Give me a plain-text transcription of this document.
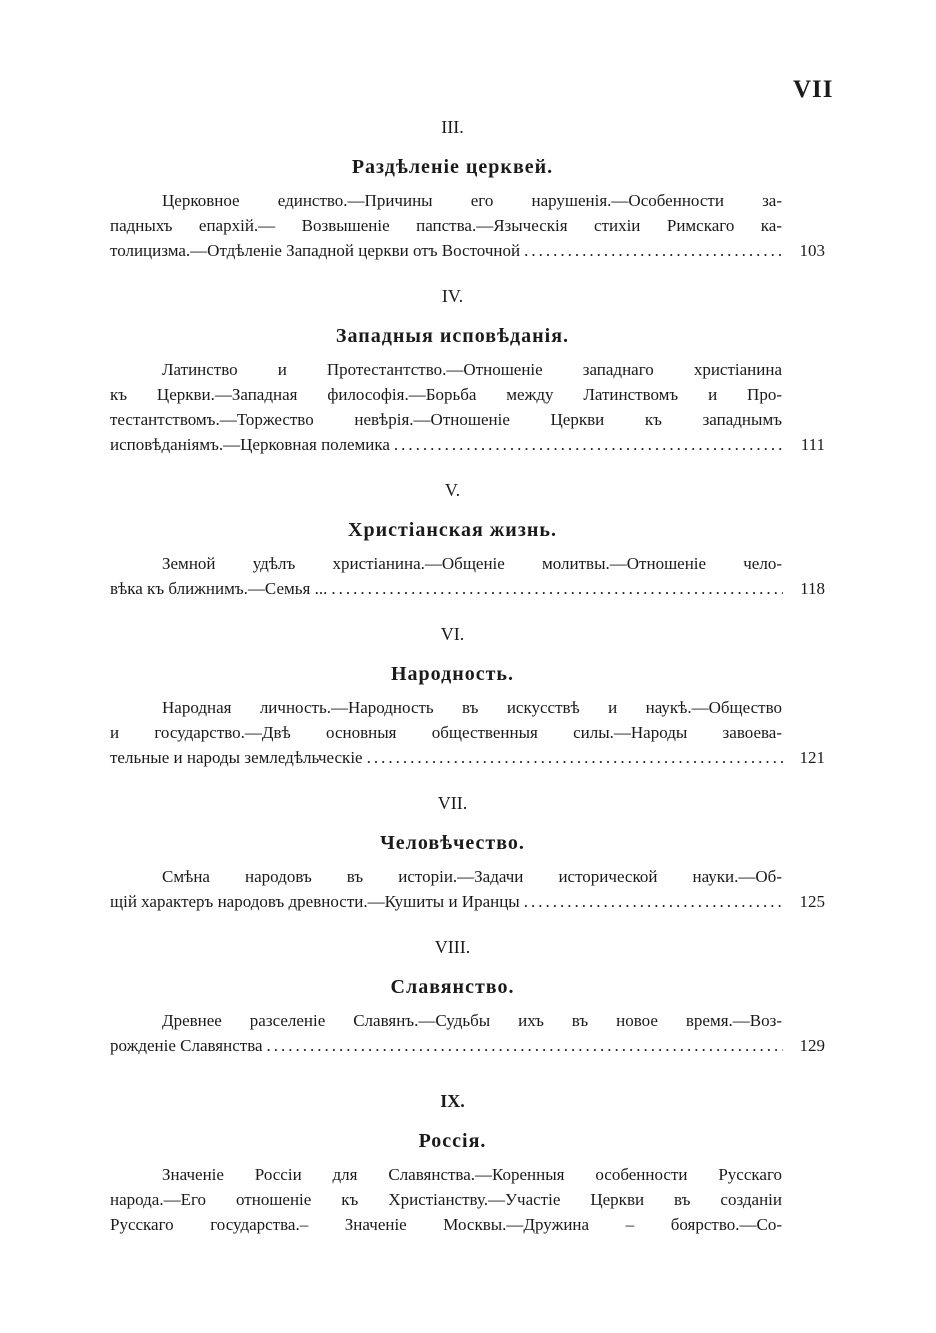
VII
III.
Раздѣленіе церквей.
Церковное единство.—Причины его нарушенія.—Особенности за-
падныхъ епархій.— Возвышеніе папства.—Языческія стихіи Римскаго ка-
толицизма.—Отдѣленіе Западной церкви отъ Восточной .....	103
IV.
Западныя исповѣданія.
Латинство и Протестантство.—Отношеніе западнаго христіанина
къ Церкви.—Западная философія.—Борьба между Латинствомъ и Про-
тестантствомъ.—Торжество невѣрія.—Отношеніе Церкви къ западнымъ
исповѣданіямъ.—Церковная полемика .....	111
V.
Христіанская жизнь.
Земной удѣлъ христіанина.—Общеніе молитвы.—Отношеніе чело-
вѣка къ ближнимъ.—Семья ... .....	118
VI.
Народность.
Народная личность.—Народность въ искусствѣ и наукѣ.—Общество
и государство.—Двѣ основныя общественныя силы.—Народы завоева-
тельные и народы земледѣльческіе .....	121
VII.
Человѣчество.
Смѣна народовъ въ исторіи.—Задачи исторической науки.—Об-
щій характеръ народовъ древности.—Кушиты и Иранцы .....	125
VIII.
Славянство.
Древнее разселеніе Славянъ.—Судьбы ихъ въ новое время.—Воз-
рожденіе Славянства .....	129
IX.
Россія.
Значеніе Россіи для Славянства.—Коренныя особенности Русскаго
народа.—Его отношеніе къ Христіанству.—Участіе Церкви въ созданіи
Русскаго государства.– Значеніе Москвы.—Дружина – боярство.—Со-
